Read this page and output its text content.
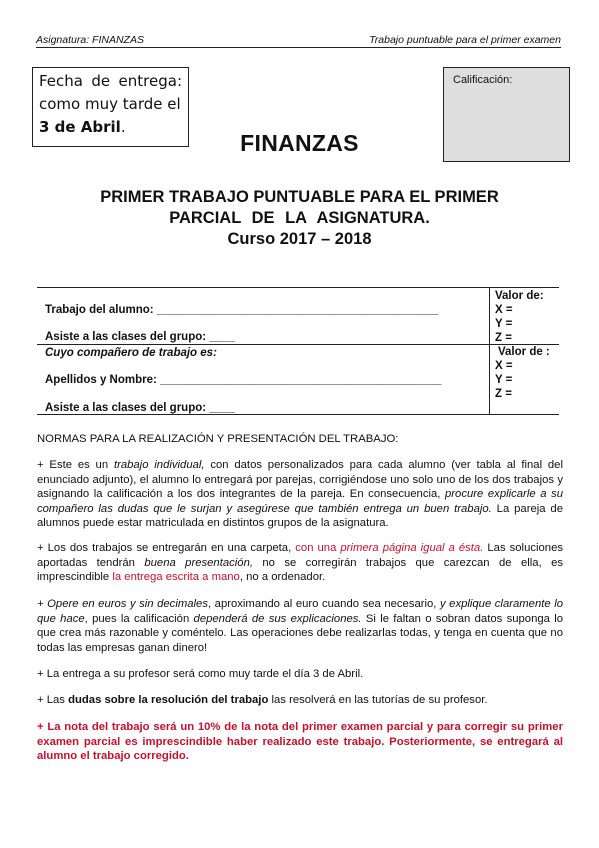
Asignatura: FINANZAS	Trabajo puntuable para el primer examen
Fecha de entrega:
como muy tarde el
3 de Abril.
Calificación:
FINANZAS
PRIMER TRABAJO PUNTUABLE PARA EL PRIMER
PARCIAL DE LA ASIGNATURA.
Curso 2017 – 2018
Trabajo del alumno: ____________________________________________
Asiste a las clases del grupo: ____
Cuyo compañero de trabajo es:
Apellidos y Nombre: ____________________________________________
Asiste a las clases del grupo: ____
Valor de:
X =
Y =
Z =
Valor de :
X =
Y =
Z =
NORMAS PARA LA REALIZACIÓN Y PRESENTACIÓN DEL TRABAJO:
+ Este es un trabajo individual, con datos personalizados para cada alumno (ver tabla al final del enunciado adjunto), el alumno lo entregará por parejas, corrigiéndose uno solo uno de los dos trabajos y asignando la calificación a los dos integrantes de la pareja. En consecuencia, procure explicarle a su compañero las dudas que le surjan y asegúrese que también entrega un buen trabajo. La pareja de alumnos puede estar matriculada en distintos grupos de la asignatura.
+ Los dos trabajos se entregarán en una carpeta, con una primera página igual a ésta. Las soluciones aportadas tendrán buena presentación, no se corregirán trabajos que carezcan de ella, es imprescindible la entrega escrita a mano, no a ordenador.
+ Opere en euros y sin decimales, aproximando al euro cuando sea necesario, y explique claramente lo que hace, pues la calificación dependerá de sus explicaciones. Si le faltan o sobran datos suponga lo que crea más razonable y coméntelo. Las operaciones debe realizarlas todas, y tenga en cuenta que no todas las empresas ganan dinero!
+ La entrega a su profesor será como muy tarde el día 3 de Abril.
+ Las dudas sobre la resolución del trabajo las resolverá en las tutorías de su profesor.
+ La nota del trabajo será un 10% de la nota del primer examen parcial y para corregir su primer examen parcial es imprescindible haber realizado este trabajo. Posteriormente, se entregará al alumno el trabajo corregido.
